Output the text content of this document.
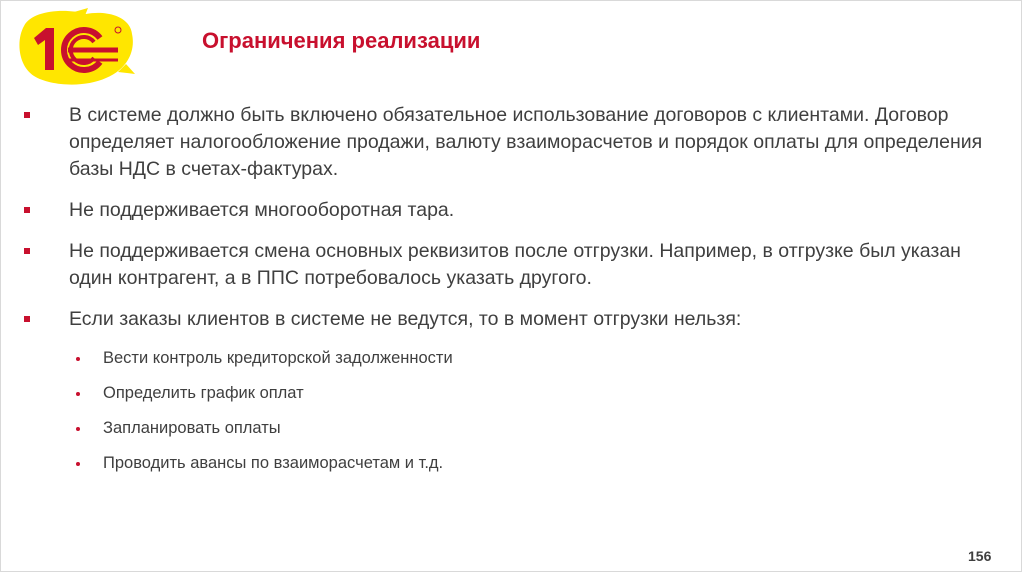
Ограничения реализации
В системе должно быть включено обязательное использование договоров с клиентами. Договор определяет налогообложение продажи, валюту взаиморасчетов и порядок оплаты для определения базы НДС в счетах-фактурах.
Не поддерживается многооборотная тара.
Не поддерживается смена основных реквизитов после отгрузки. Например, в отгрузке был указан один контрагент, а в ППС потребовалось указать другого.
Если заказы клиентов в системе не ведутся, то в момент отгрузки нельзя:
Вести контроль кредиторской задолженности
Определить график оплат
Запланировать оплаты
Проводить авансы по взаиморасчетам и т.д.
156
